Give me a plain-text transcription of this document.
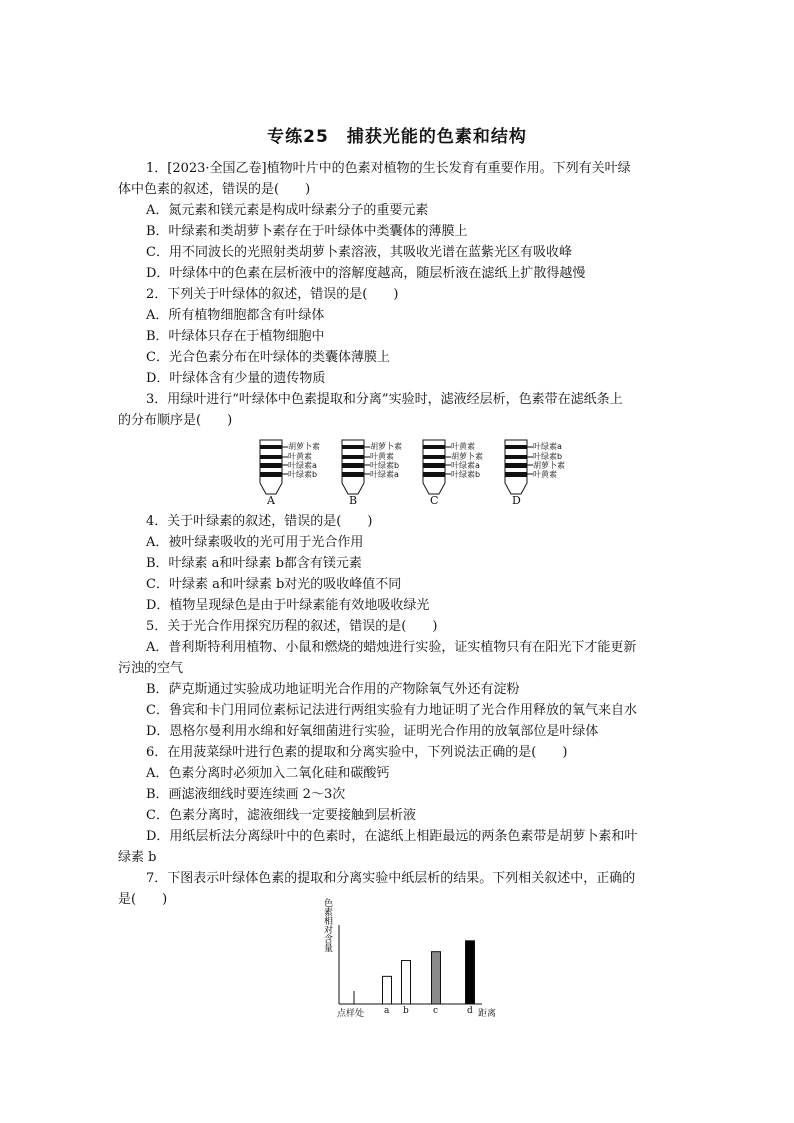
专练25　捕获光能的色素和结构
1．[2023·全国乙卷]植物叶片中的色素对植物的生长发育有重要作用。下列有关叶绿
体中色素的叙述，错误的是(　　)
A．氮元素和镁元素是构成叶绿素分子的重要元素
B．叶绿素和类胡萝卜素存在于叶绿体中类囊体的薄膜上
C．用不同波长的光照射类胡萝卜素溶液，其吸收光谱在蓝紫光区有吸收峰
D．叶绿体中的色素在层析液中的溶解度越高，随层析液在滤纸上扩散得越慢
2．下列关于叶绿体的叙述，错误的是(　　)
A．所有植物细胞都含有叶绿体
B．叶绿体只存在于植物细胞中
C．光合色素分布在叶绿体的类囊体薄膜上
D．叶绿体含有少量的遗传物质
3．用绿叶进行“叶绿体中色素提取和分离”实验时，滤液经层析，色素带在滤纸条上
的分布顺序是(　　)
胡萝卜素
叶黄素
叶绿素a
叶绿素b
A
胡萝卜素
叶黄素
叶绿素b
叶绿素a
B
叶黄素
胡萝卜素
叶绿素a
叶绿素b
C
叶绿素a
叶绿素b
胡萝卜素
叶黄素
D
4．关于叶绿素的叙述，错误的是(　　)
A．被叶绿素吸收的光可用于光合作用
B．叶绿素 a和叶绿素 b都含有镁元素
C．叶绿素 a和叶绿素 b对光的吸收峰值不同
D．植物呈现绿色是由于叶绿素能有效地吸收绿光
5．关于光合作用探究历程的叙述，错误的是(　　)
A．普利斯特利用植物、小鼠和燃烧的蜡烛进行实验，证实植物只有在阳光下才能更新
污浊的空气
B．萨克斯通过实验成功地证明光合作用的产物除氧气外还有淀粉
C．鲁宾和卡门用同位素标记法进行两组实验有力地证明了光合作用释放的氧气来自水
D．恩格尔曼利用水绵和好氧细菌进行实验，证明光合作用的放氧部位是叶绿体
6．在用菠菜绿叶进行色素的提取和分离实验中，下列说法正确的是(　　)
A．色素分离时必须加入二氧化硅和碳酸钙
B．画滤液细线时要连续画 2～3次
C．色素分离时，滤液细线一定要接触到层析液
D．用纸层析法分离绿叶中的色素时，在滤纸上相距最远的两条色素带是胡萝卜素和叶
绿素 b
7．下图表示叶绿体色素的提取和分离实验中纸层析的结果。下列相关叙述中，正确的
是(　　)	色素相对含量
点样处	距离
a b	c	d
